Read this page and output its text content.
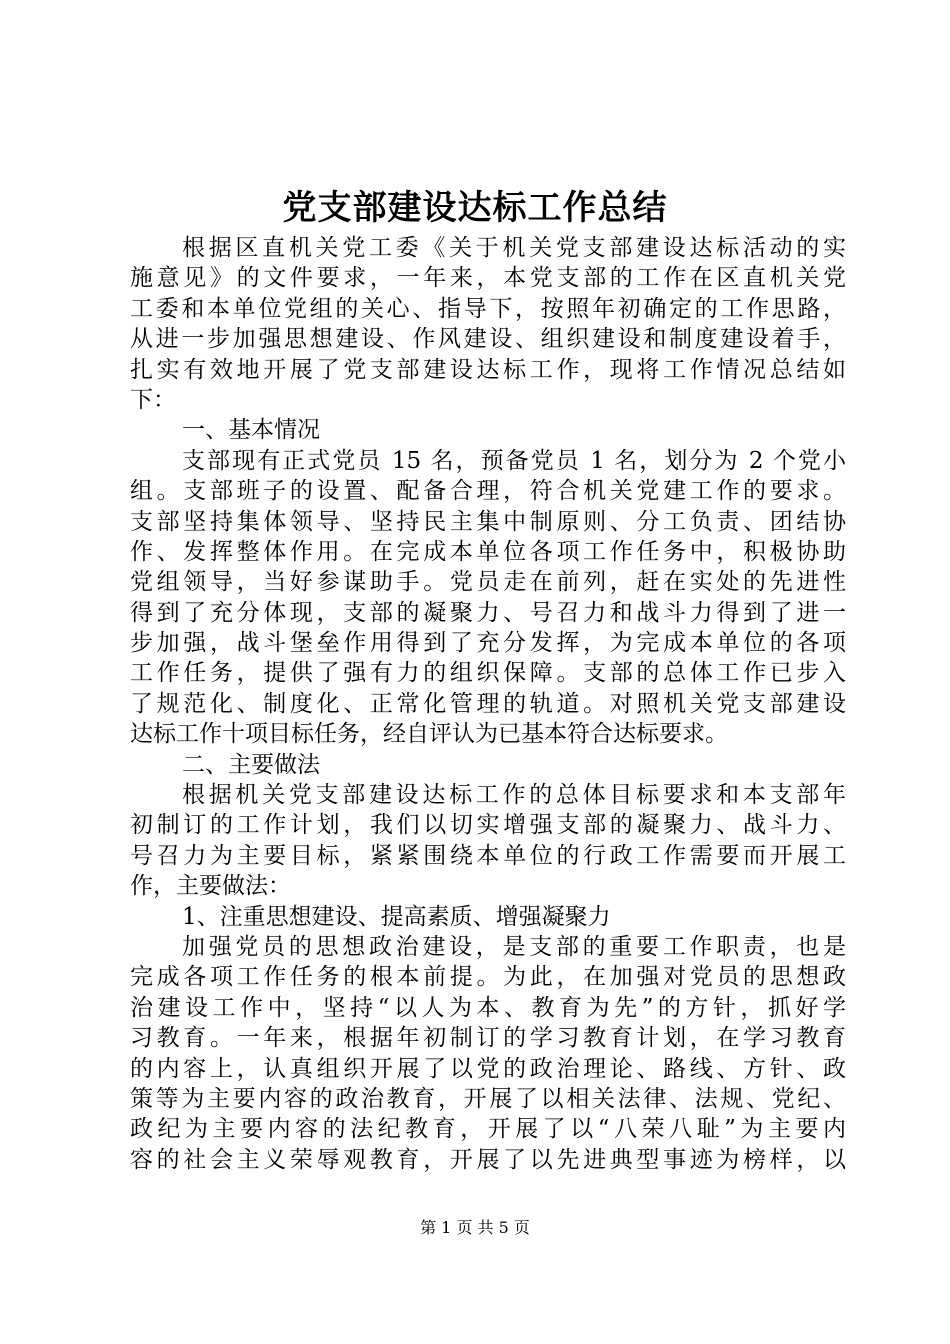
党支部建设达标工作总结
根据区直机关党工委《关于机关党支部建设达标活动的实
施意见》的文件要求，一年来，本党支部的工作在区直机关党
工委和本单位党组的关心、指导下，按照年初确定的工作思路，
从进一步加强思想建设、作风建设、组织建设和制度建设着手，
扎实有效地开展了党支部建设达标工作，现将工作情况总结如
下：
一、基本情况
支部现有正式党员 15 名，预备党员 1 名，划分为 2 个党小
组。支部班子的设置、配备合理，符合机关党建工作的要求。
支部坚持集体领导、坚持民主集中制原则、分工负责、团结协
作、发挥整体作用。在完成本单位各项工作任务中，积极协助
党组领导，当好参谋助手。党员走在前列，赶在实处的先进性
得到了充分体现，支部的凝聚力、号召力和战斗力得到了进一
步加强，战斗堡垒作用得到了充分发挥，为完成本单位的各项
工作任务，提供了强有力的组织保障。支部的总体工作已步入
了规范化、制度化、正常化管理的轨道。对照机关党支部建设
达标工作十项目标任务，经自评认为已基本符合达标要求。
二、主要做法
根据机关党支部建设达标工作的总体目标要求和本支部年
初制订的工作计划，我们以切实增强支部的凝聚力、战斗力、
号召力为主要目标，紧紧围绕本单位的行政工作需要而开展工
作，主要做法：
1、注重思想建设、提高素质、增强凝聚力
加强党员的思想政治建设，是支部的重要工作职责，也是
完成各项工作任务的根本前提。为此，在加强对党员的思想政
治建设工作中，坚持“以人为本、教育为先”的方针，抓好学
习教育。一年来，根据年初制订的学习教育计划，在学习教育
的内容上，认真组织开展了以党的政治理论、路线、方针、政
策等为主要内容的政治教育，开展了以相关法律、法规、党纪、
政纪为主要内容的法纪教育，开展了以“八荣八耻”为主要内
容的社会主义荣辱观教育，开展了以先进典型事迹为榜样，以
第 1 页 共 5 页
